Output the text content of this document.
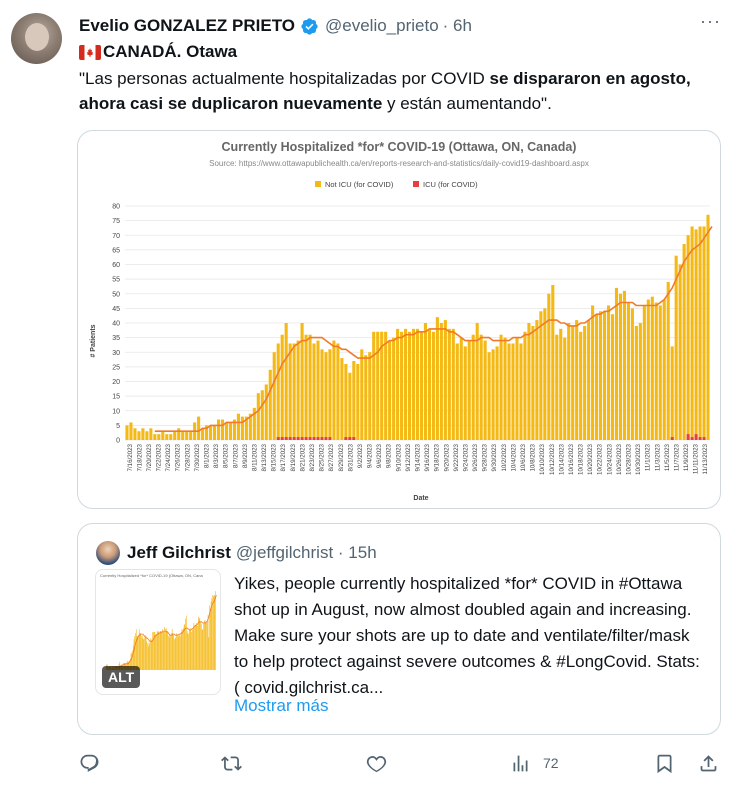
Evelio GONZALEZ PRIETO @evelio_prieto · 6h	···
CANADÁ. Otawa
"Las personas actualmente hospitalizadas por COVID se dispararon en agosto, ahora casi se duplicaron nuevamente y están aumentando".
Currently Hospitalized *for* COVID-19 (Ottawa, ON, Canada)
Source: https://www.ottawapublichealth.ca/en/reports-research-and-statistics/daily-covid19-dashboard.aspx
Not ICU (for COVID)	ICU (for COVID)
# Patients
Date
0
5
10
15
20
25
30
35
40
45
50
55
60
65
70
75
80
7/16/2023 7/18/2023 7/20/2023 7/22/2023 7/24/2023 7/26/2023 7/28/2023 7/30/2023 8/1/2023 8/3/2023 8/5/2023 8/7/2023 8/9/2023 8/11/2023 8/13/2023 8/15/2023 8/17/2023 8/19/2023 8/21/2023 8/23/2023 8/25/2023 8/27/2023 8/29/2023 8/31/2023 9/2/2023 9/4/2023 9/6/2023 9/8/2023 9/10/2023 9/12/2023 9/14/2023 9/16/2023 9/18/2023 9/20/2023 9/22/2023 9/24/2023 9/26/2023 9/28/2023 9/30/2023 10/2/2023 10/4/2023 10/6/2023 10/8/2023 10/10/2023 10/12/2023 10/14/2023 10/16/2023 10/18/2023 10/20/2023 10/22/2023 10/24/2023 10/26/2023 10/28/2023 10/30/2023 11/1/2023 11/3/2023 11/5/2023 11/7/2023 11/9/2023 11/11/2023 11/13/2023
Jeff Gilchrist @jeffgilchrist · 15h
Currently Hospitalized *for* COVID-19 (Ottawa, ON, Cana
ALT
Yikes, people currently hospitalized *for* COVID in #Ottawa shot up in August, now almost doubled again and increasing. Make sure your shots are up to date and ventilate/filter/mask to help protect against severe outcomes & #LongCovid. Stats: ( covid.gilchrist.ca...
Mostrar más
72
